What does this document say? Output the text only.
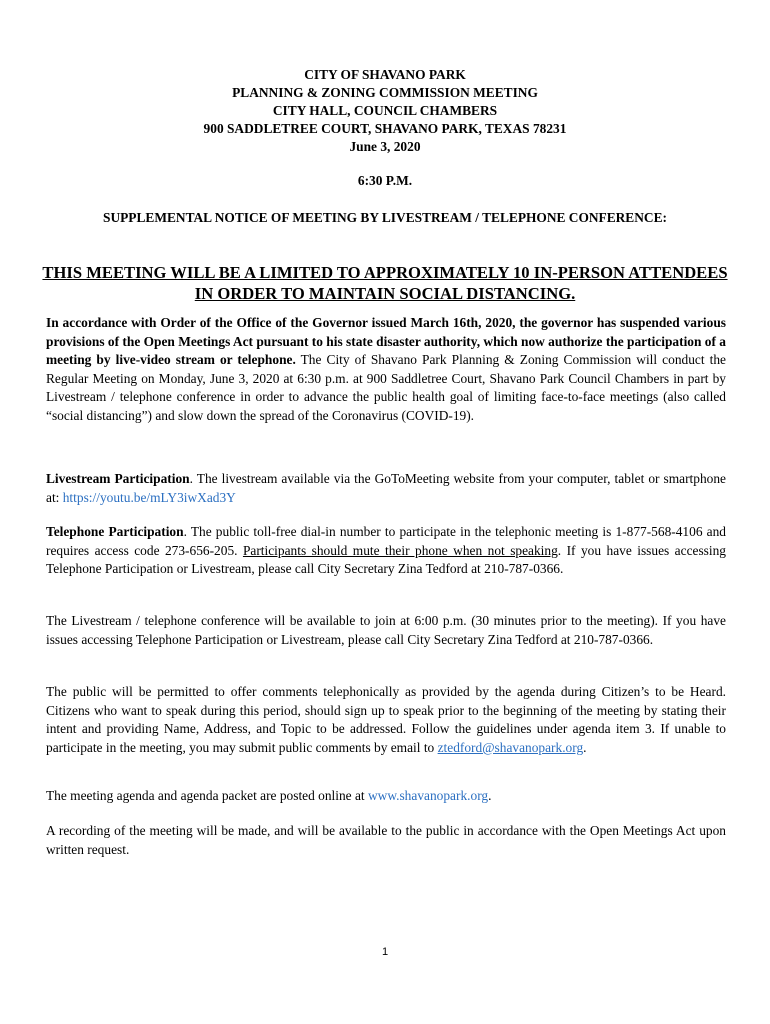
CITY OF SHAVANO PARK
PLANNING & ZONING COMMISSION MEETING
CITY HALL, COUNCIL CHAMBERS
900 SADDLETREE COURT, SHAVANO PARK, TEXAS 78231
June 3, 2020
6:30 P.M.
SUPPLEMENTAL NOTICE OF MEETING BY LIVESTREAM / TELEPHONE CONFERENCE:
THIS MEETING WILL BE A LIMITED TO APPROXIMATELY 10 IN-PERSON ATTENDEES IN ORDER TO MAINTAIN SOCIAL DISTANCING.
In accordance with Order of the Office of the Governor issued March 16th, 2020, the governor has suspended various provisions of the Open Meetings Act pursuant to his state disaster authority, which now authorize the participation of a meeting by live-video stream or telephone. The City of Shavano Park Planning & Zoning Commission will conduct the Regular Meeting on Monday, June 3, 2020 at 6:30 p.m. at 900 Saddletree Court, Shavano Park Council Chambers in part by Livestream / telephone conference in order to advance the public health goal of limiting face-to-face meetings (also called “social distancing”) and slow down the spread of the Coronavirus (COVID-19).
Livestream Participation. The livestream available via the GoToMeeting website from your computer, tablet or smartphone at: https://youtu.be/mLY3iwXad3Y
Telephone Participation. The public toll-free dial-in number to participate in the telephonic meeting is 1-877-568-4106 and requires access code 273-656-205. Participants should mute their phone when not speaking. If you have issues accessing Telephone Participation or Livestream, please call City Secretary Zina Tedford at 210-787-0366.
The Livestream / telephone conference will be available to join at 6:00 p.m. (30 minutes prior to the meeting). If you have issues accessing Telephone Participation or Livestream, please call City Secretary Zina Tedford at 210-787-0366.
The public will be permitted to offer comments telephonically as provided by the agenda during Citizen’s to be Heard. Citizens who want to speak during this period, should sign up to speak prior to the beginning of the meeting by stating their intent and providing Name, Address, and Topic to be addressed. Follow the guidelines under agenda item 3. If unable to participate in the meeting, you may submit public comments by email to ztedford@shavanopark.org.
The meeting agenda and agenda packet are posted online at www.shavanopark.org.
A recording of the meeting will be made, and will be available to the public in accordance with the Open Meetings Act upon written request.
1
